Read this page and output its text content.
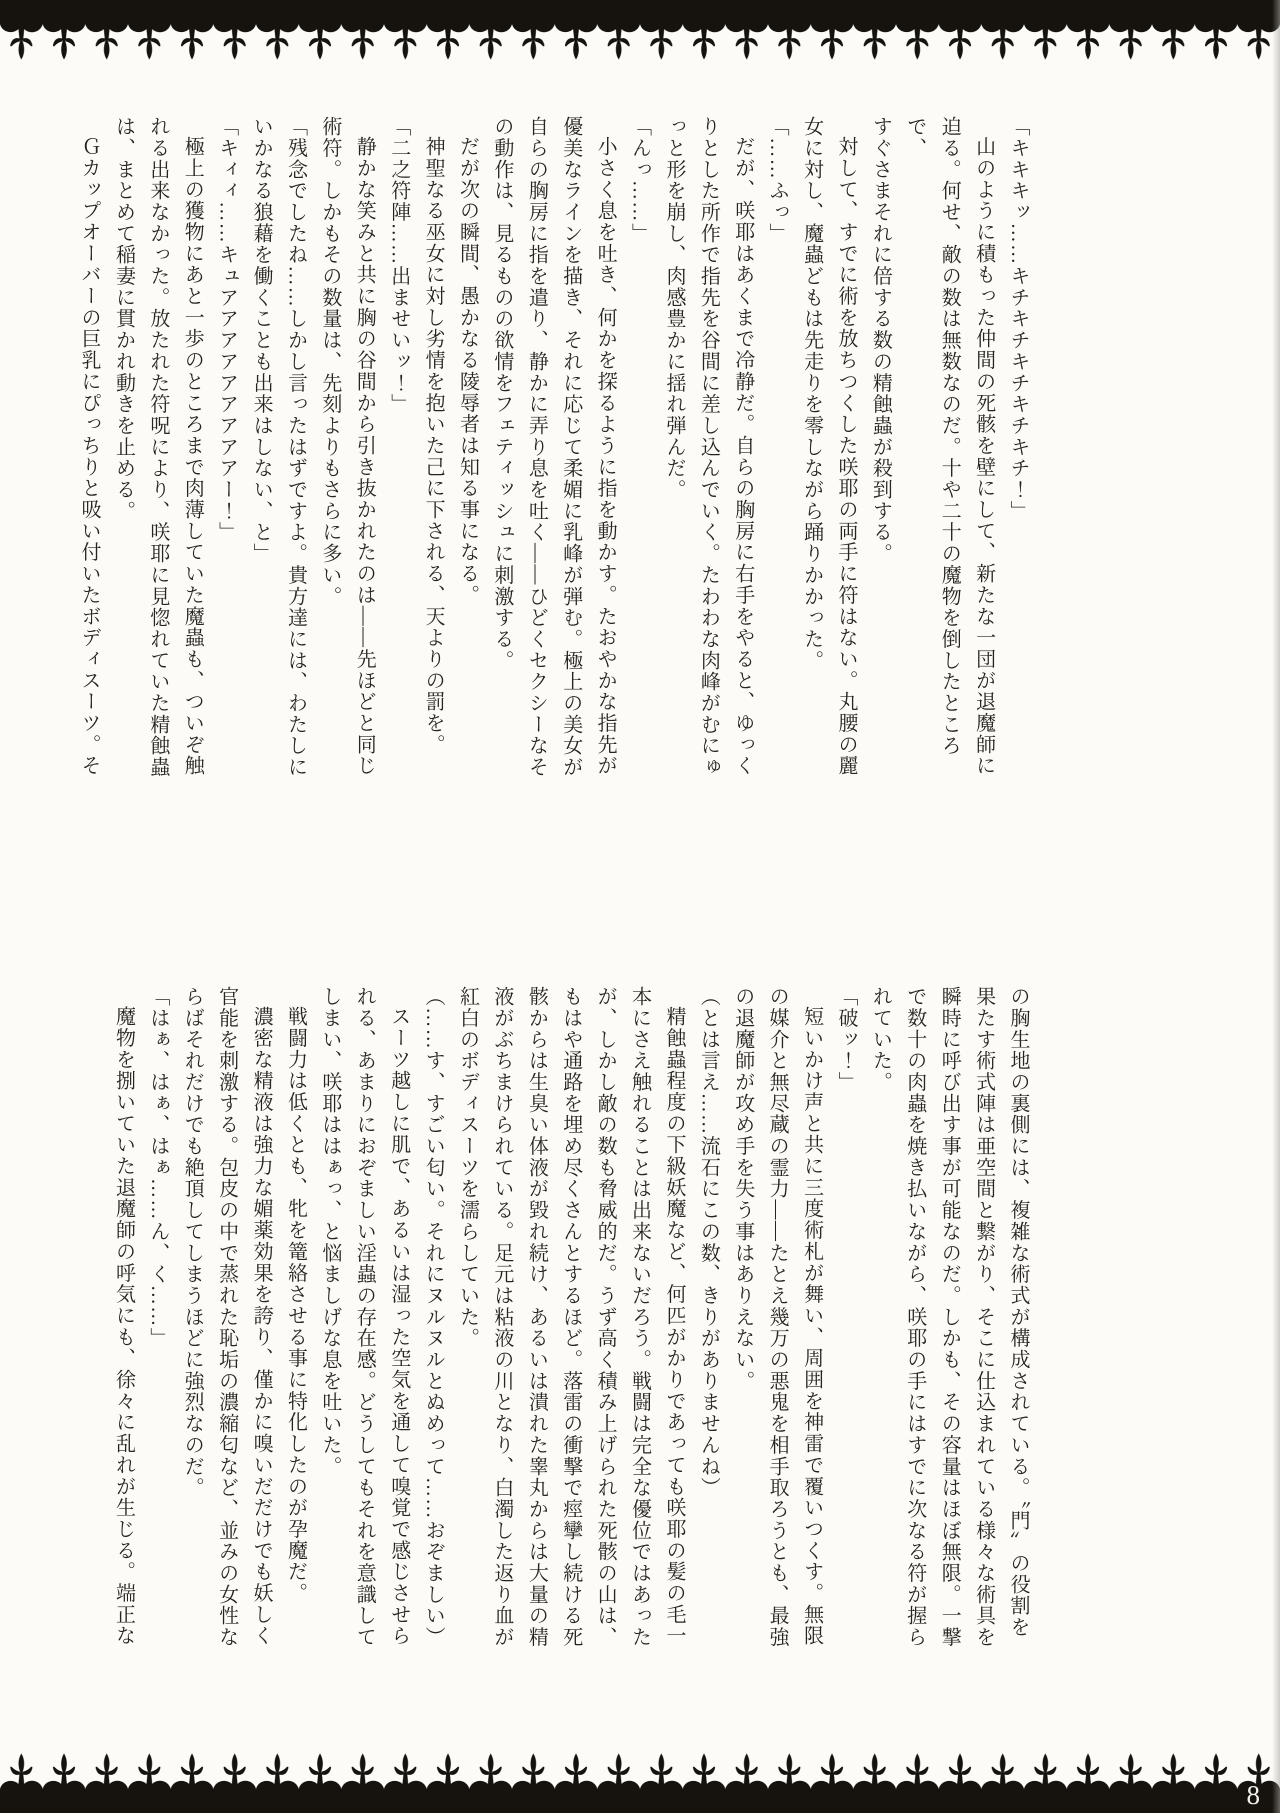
「キキキッ……キチキチキチキチキチ！」

山のように積もった仲間の死骸を壁にして、新たな一団が退魔師に

迫る。何せ、敵の数は無数なのだ。十や二十の魔物を倒したところで、

すぐさまそれに倍する数の精蝕蟲が殺到する。

対して、すでに術を放ちつくした咲耶の両手に符はない。丸腰の麗

女に対し、魔蟲どもは先走りを零しながら踊りかかった。

「……ふっ」

だが、咲耶はあくまで冷静だ。自らの胸房に右手をやると、ゆっく

りとした所作で指先を谷間に差し込んでいく。たわわな肉峰がむにゅ

っと形を崩し、肉感豊かに揺れ弾んだ。

「んっ……」

小さく息を吐き、何かを探るように指を動かす。たおやかな指先が

優美なラインを描き、それに応じて柔媚に乳峰が弾む。極上の美女が

自らの胸房に指を遣り、静かに弄り息を吐く——ひどくセクシーなそ

の動作は、見るものの欲情をフェティッシュに刺激する。

だが次の瞬間、愚かなる陵辱者は知る事になる。

神聖なる巫女に対し劣情を抱いた己に下される、天よりの罰を。

「二之符陣……出ませいッ！」

静かな笑みと共に胸の谷間から引き抜かれたのは——先ほどと同じ

術符。しかもその数量は、先刻よりもさらに多い。

「残念でしたね……しかし言ったはずですよ。貴方達には、わたしに

いかなる狼藉を働くことも出来はしない、と」

「キィィ……キュアアアアアアアアアー！」

極上の獲物にあと一歩のところまで肉薄していた魔蟲も、ついぞ触

れる出来なかった。放たれた符呪により、咲耶に見惚れていた精蝕蟲

は、まとめて稲妻に貫かれ動きを止める。

Ｇカップオーバーの巨乳にぴっちりと吸い付いたボディスーツ。そ

の胸生地の裏側には、複雑な術式が構成されている。〝門〟の役割を

果たす術式陣は亜空間と繋がり、そこに仕込まれている様々な術具を

瞬時に呼び出す事が可能なのだ。しかも、その容量はほぼ無限。一撃

で数十の肉蟲を焼き払いながら、咲耶の手にはすでに次なる符が握ら

れていた。

「破ッ！」

短いかけ声と共に三度術札が舞い、周囲を神雷で覆いつくす。無限

の媒介と無尽蔵の霊力——たとえ幾万の悪鬼を相手取ろうとも、最強

の退魔師が攻め手を失う事はありえない。

（とは言え……流石にこの数、きりがありませんね）

精蝕蟲程度の下級妖魔など、何匹がかりであっても咲耶の髪の毛一

本にさえ触れることは出来ないだろう。戦闘は完全な優位ではあった

が、しかし敵の数も脅威的だ。うず高く積み上げられた死骸の山は、

もはや通路を埋め尽くさんとするほど。落雷の衝撃で痙攣し続ける死

骸からは生臭い体液が毀れ続け、あるいは潰れた睾丸からは大量の精

液がぶちまけられている。足元は粘液の川となり、白濁した返り血が

紅白のボディスーツを濡らしていた。

（……す、すごい匂い。それにヌルヌルとぬめって……おぞましい）

スーツ越しに肌で、あるいは湿った空気を通して嗅覚で感じさせら

れる、あまりにおぞましい淫蟲の存在感。どうしてもそれを意識して

しまい、咲耶ははぁっ、と悩ましげな息を吐いた。

戦闘力は低くとも、牝を篭絡させる事に特化したのが孕魔だ。

濃密な精液は強力な媚薬効果を誇り、僅かに嗅いだだけでも妖しく

官能を刺激する。包皮の中で蒸れた恥垢の濃縮匂など、並みの女性な

らばそれだけでも絶頂してしまうほどに強烈なのだ。

「はぁ、はぁ、はぁ……ん、く……」

魔物を捌いていた退魔師の呼気にも、徐々に乱れが生じる。端正な

8
